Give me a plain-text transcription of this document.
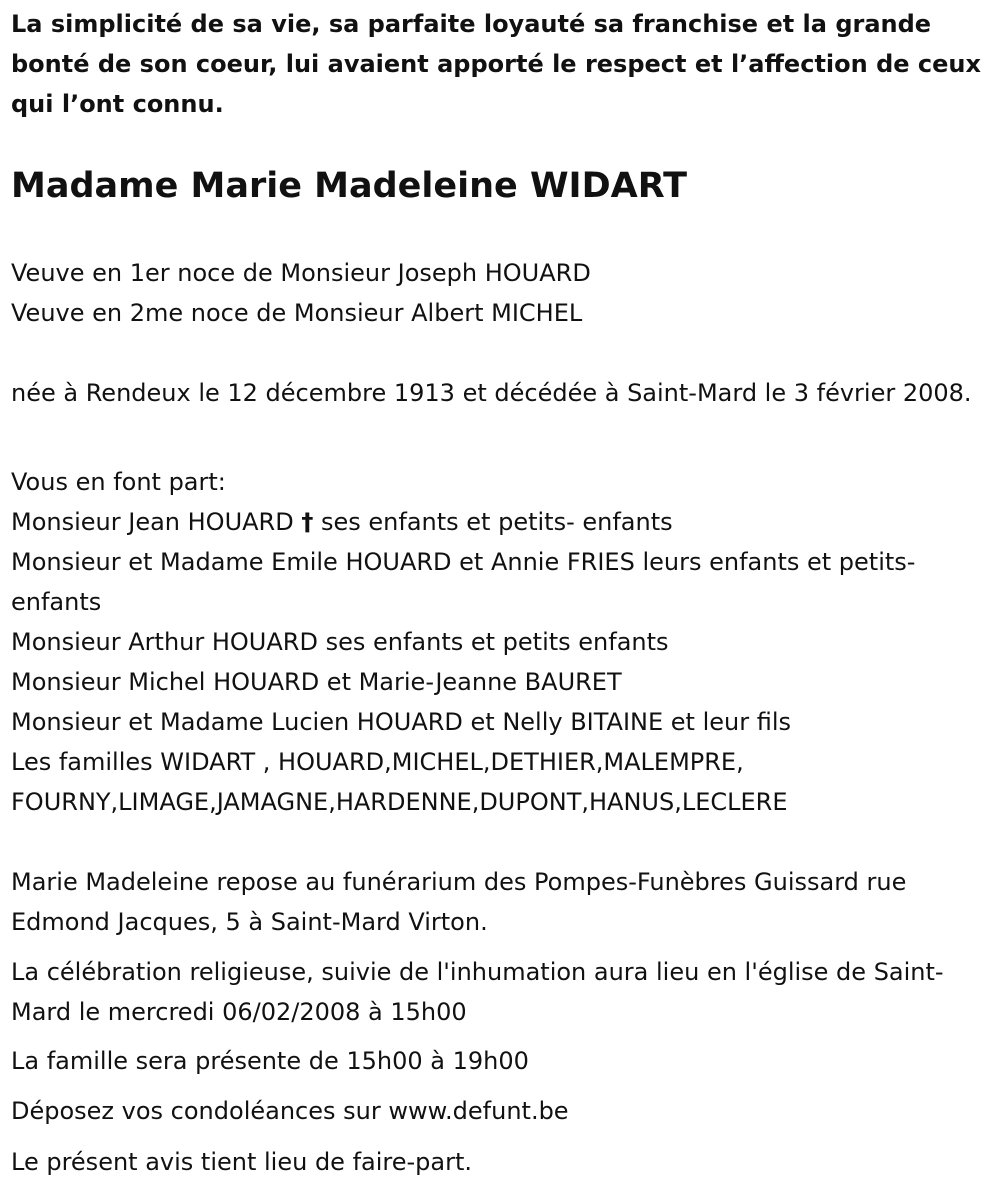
La simplicité de sa vie, sa parfaite loyauté sa franchise et la grande bonté de son coeur, lui avaient apporté le respect et l’affection de ceux qui l’ont connu.

Madame Marie Madeleine WIDART

Veuve en 1er noce de Monsieur Joseph HOUARD

Veuve en 2me noce de Monsieur Albert MICHEL

née à Rendeux le 12 décembre 1913 et décédée à Saint-Mard le 3 février 2008.

Vous en font part:

Monsieur Jean HOUARD † ses enfants et petits- enfants

Monsieur et Madame Emile HOUARD et Annie FRIES leurs enfants et petits- enfants

Monsieur Arthur HOUARD ses enfants et petits enfants

Monsieur Michel HOUARD et Marie-Jeanne BAURET

Monsieur et Madame Lucien HOUARD et Nelly BITAINE et leur fils

Les familles WIDART , HOUARD,MICHEL,DETHIER,MALEMPRE, FOURNY,LIMAGE,JAMAGNE,HARDENNE,DUPONT,HANUS,LECLERE

Marie Madeleine repose au funérarium des Pompes-Funèbres Guissard rue Edmond Jacques, 5 à Saint-Mard Virton.

La célébration religieuse, suivie de l'inhumation aura lieu en l'église de Saint-Mard le mercredi 06/02/2008 à 15h00

La famille sera présente de 15h00 à 19h00

Déposez vos condoléances sur www.defunt.be

Le présent avis tient lieu de faire-part.
